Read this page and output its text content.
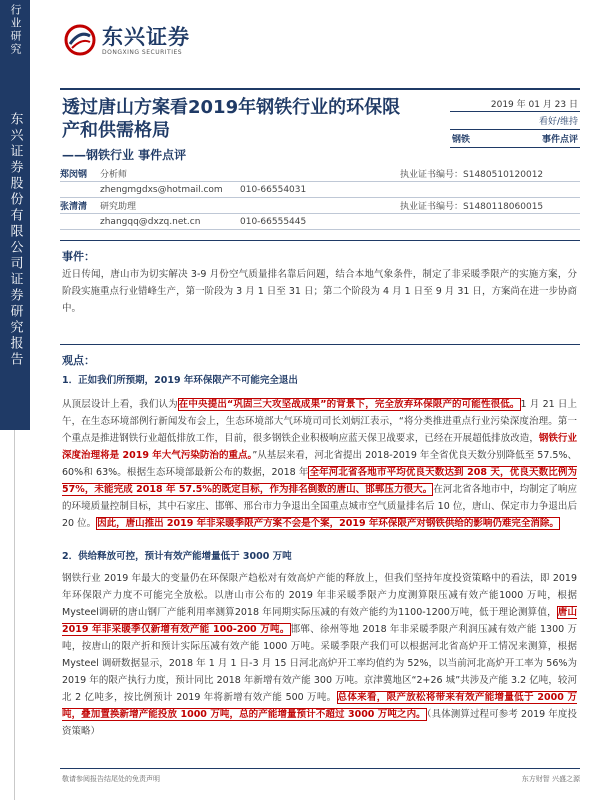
行业研究
东兴证券股份有限公司证券研究报告
东兴证券
DONGXING SECURITIES
透过唐山方案看2019年钢铁行业的环保限产和供需格局
——钢铁行业 事件点评
2019 年 01 月 23 日
看好/维持
钢铁	事件点评
郑闵钢	分析师	执业证书编号：S1480510120012
zhengmgdxs@hotmail.com	010-66554031
张清清	研究助理	执业证书编号：S1480118060015
zhangqq@dxzq.net.cn	010-66555445
事件：
近日传闻，唐山市为切实解决 3-9 月份空气质量排名靠后问题，结合本地气象条件，制定了非采暖季限产的实施方案，分阶段实施重点行业错峰生产，第一阶段为 3 月 1 日至 31 日；第二个阶段为 4 月 1 日至 9 月 31 日，方案尚在进一步协商中。
观点：
1．正如我们所预期，2019 年环保限产不可能完全退出
从顶层设计上看，我们认为在中央提出“巩固三大攻坚战成果”的背景下，完全放弃环保限产的可能性很低。1 月 21 日上午，在生态环境部例行新闻发布会上，生态环境部大气环境司司长刘炳江表示，“将分类推进重点行业污染深度治理。第一个重点是推进钢铁行业超低排放工作，目前，很多钢铁企业积极响应蓝天保卫战要求，已经在开展超低排放改造，钢铁行业深度治理将是 2019 年大气污染防治的重点。”从基层来看，河北省提出 2018-2019 年全省优良天数分别降低至 57.5%、60%和 63%。根据生态环境部最新公布的数据，2018 年全年河北省各地市平均优良天数达到 208 天，优良天数比例为 57%，未能完成 2018 年 57.5%的既定目标，作为排名倒数的唐山、邯郸压力很大。在河北省各地市中，均制定了响应的环境质量控制目标，其中石家庄、邯郸、邢台市力争退出全国重点城市空气质量排名后 10 位，唐山、保定市力争退出后 20 位。因此，唐山推出 2019 年非采暖季限产方案不会是个案，2019 年环保限产对钢铁供给的影响仍难完全消除。
2．供给释放可控，预计有效产能增量低于 3000 万吨
钢铁行业 2019 年最大的变量仍在环保限产趋松对有效高炉产能的释放上，但我们坚持年度投资策略中的看法，即 2019 年环保限产力度不可能完全放松。以唐山市公布的 2019 年非采暖季限产力度测算限压减有效产能1000 万吨，根据Mysteel调研的唐山钢厂产能利用率测算2018 年同期实际压减的有效产能约为1100-1200万吨，低于理论测算值，唐山 2019 年非采暖季仅新增有效产能 100-200 万吨。邯郸、徐州等地 2018 年非采暖季限产利润压减有效产能 1300 万吨，按唐山的限产折和预计实际压减有效产能 1000 万吨。采暖季限产我们可以根据河北省高炉开工情况来测算，根据 Mysteel 调研数据显示，2018 年 1 月 1 日-3 月 15 日河北高炉开工率均值约为 52%，以当前河北高炉开工率为 56%为 2019 年的限产执行力度，预计同比 2018 年新增有效产能 300 万吨。京津冀地区“2+26 城”共涉及产能 3.2 亿吨，较河北 2 亿吨多，按比例预计 2019 年将新增有效产能 500 万吨。总体来看，限产放松将带来有效产能增量低于 2000 万吨，叠加置换新增产能投放 1000 万吨，总的产能增量预计不超过 3000 万吨之内。（具体测算过程可参考 2019 年度投资策略）
敬请参阅报告结尾处的免责声明	东方财智 兴盛之源
